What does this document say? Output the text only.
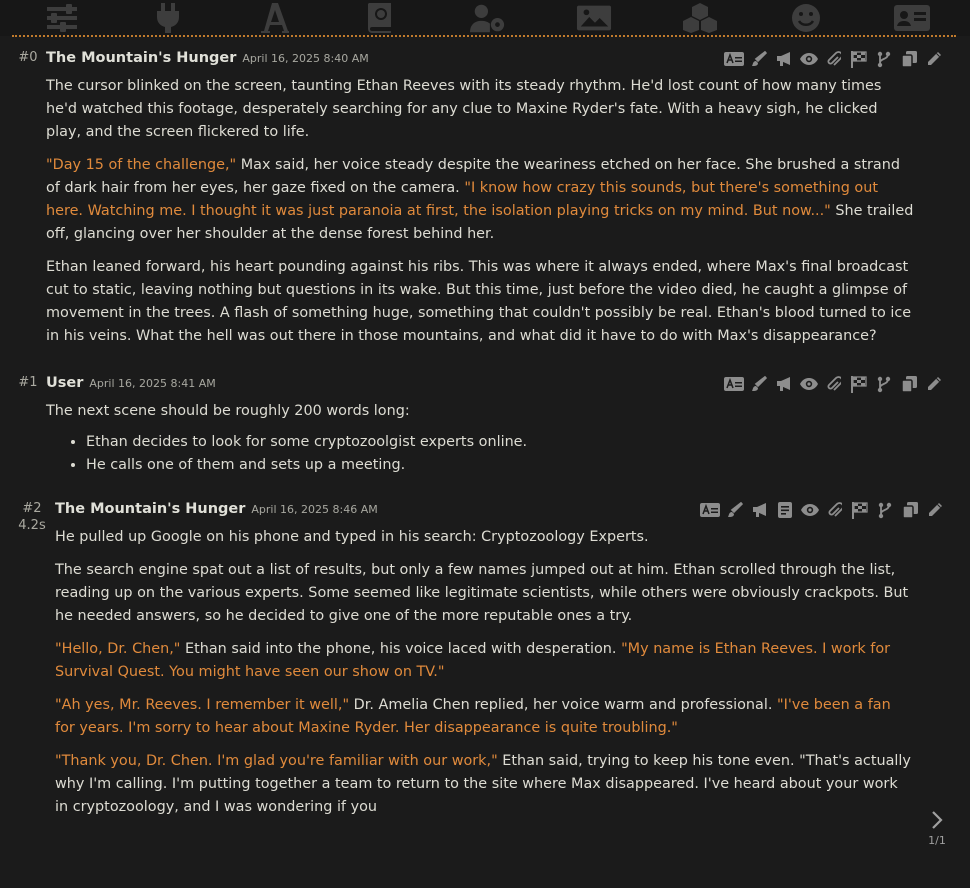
#0 The Mountain's Hunger April 16, 2025 8:40 AM

The cursor blinked on the screen, taunting Ethan Reeves with its steady rhythm. He'd lost count of how many times he'd watched this footage, desperately searching for any clue to Maxine Ryder's fate. With a heavy sigh, he clicked play, and the screen flickered to life.

"Day 15 of the challenge," Max said, her voice steady despite the weariness etched on her face. She brushed a strand of dark hair from her eyes, her gaze fixed on the camera. "I know how crazy this sounds, but there's something out here. Watching me. I thought it was just paranoia at first, the isolation playing tricks on my mind. But now..." She trailed off, glancing over her shoulder at the dense forest behind her.

Ethan leaned forward, his heart pounding against his ribs. This was where it always ended, where Max's final broadcast cut to static, leaving nothing but questions in its wake. But this time, just before the video died, he caught a glimpse of movement in the trees. A flash of something huge, something that couldn't possibly be real. Ethan's blood turned to ice in his veins. What the hell was out there in those mountains, and what did it have to do with Max's disappearance?

#1 User April 16, 2025 8:41 AM

The next scene should be roughly 200 words long:

• Ethan decides to look for some cryptozoolgist experts online.
• He calls one of them and sets up a meeting.
#2
4.2s
The Mountain's Hunger April 16, 2025 8:46 AM

He pulled up Google on his phone and typed in his search: Cryptozoology Experts.

The search engine spat out a list of results, but only a few names jumped out at him. Ethan scrolled through the list, reading up on the various experts. Some seemed like legitimate scientists, while others were obviously crackpots. But he needed answers, so he decided to give one of the more reputable ones a try.

"Hello, Dr. Chen," Ethan said into the phone, his voice laced with desperation. "My name is Ethan Reeves. I work for Survival Quest. You might have seen our show on TV."

"Ah yes, Mr. Reeves. I remember it well," Dr. Amelia Chen replied, her voice warm and professional. "I've been a fan for years. I'm sorry to hear about Maxine Ryder. Her disappearance is quite troubling."

"Thank you, Dr. Chen. I'm glad you're familiar with our work," Ethan said, trying to keep his tone even. "That's actually why I'm calling. I'm putting together a team to return to the site where Max disappeared. I've heard about your work in cryptozoology, and I was wondering if you

1/1
